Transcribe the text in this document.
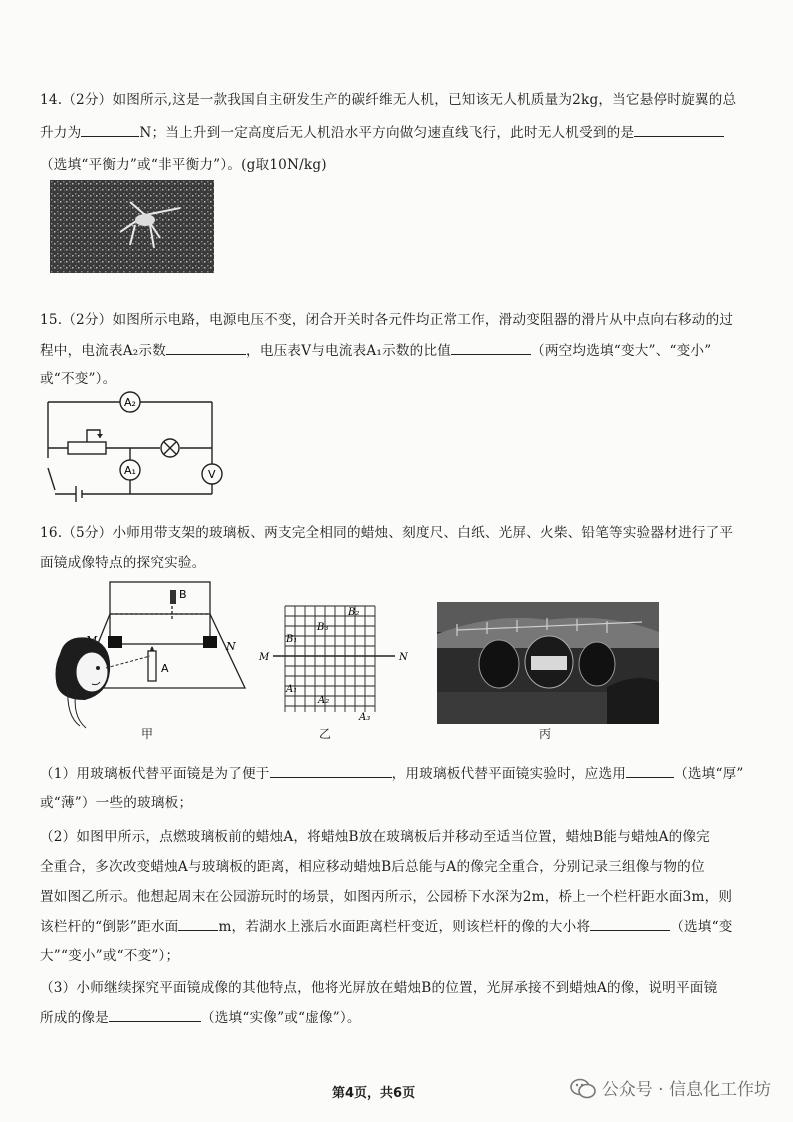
14.（2分）如图所示,这是一款我国自主研发生产的碳纤维无人机，已知该无人机质量为2kg，当它悬停时旋翼的总
升力为	N；当上升到一定高度后无人机沿水平方向做匀速直线飞行，此时无人机受到的是
（选填“平衡力”或“非平衡力”）。(g取10N/kg)
15.（2分）如图所示电路，电源电压不变，闭合开关时各元件均正常工作，滑动变阻器的滑片从中点向右移动的过
程中，电流表A₂示数	，电压表V与电流表A₁示数的比值	（两空均选填“变大”、“变小”
或“不变”）。
A₂
A₁	V
16.（5分）小师用带支架的玻璃板、两支完全相同的蜡烛、刻度尺、白纸、光屏、火柴、铅笔等实验器材进行了平
面镜成像特点的探究实验。
B
A
N
甲
M	N
B₂
B₃
B₁
A₁
A₂
A₃
乙	丙
（1）用玻璃板代替平面镜是为了便于	，用玻璃板代替平面镜实验时，应选用	（选填“厚”
或“薄”）一些的玻璃板；
（2）如图甲所示，点燃玻璃板前的蜡烛A，将蜡烛B放在玻璃板后并移动至适当位置，蜡烛B能与蜡烛A的像完
全重合，多次改变蜡烛A与玻璃板的距离，相应移动蜡烛B后总能与A的像完全重合，分别记录三组像与物的位
置如图乙所示。他想起周末在公园游玩时的场景，如图丙所示，公园桥下水深为2m，桥上一个栏杆距水面3m，则
该栏杆的“倒影”距水面	m，若湖水上涨后水面距离栏杆变近，则该栏杆的像的大小将	（选填“变
大”“变小”或“不变”）；
（3）小师继续探究平面镜成像的其他特点，他将光屏放在蜡烛B的位置，光屏承接不到蜡烛A的像，说明平面镜
所成的像是	（选填“实像”或“虚像”）。
第4页，共6页	公众号 · 信息化工作坊
